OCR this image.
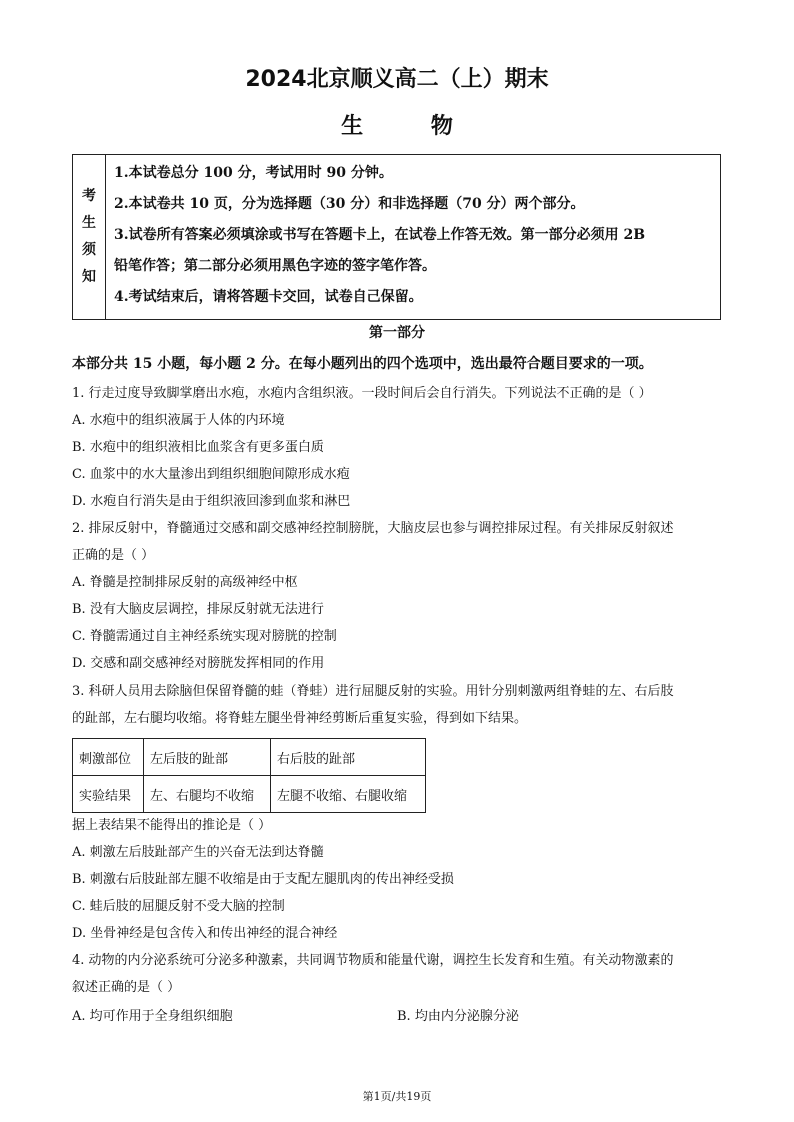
2024北京顺义高二（上）期末
生 物
考
生
须
知
1.本试卷总分 100 分，考试用时 90 分钟。
2.本试卷共 10 页，分为选择题（30 分）和非选择题（70 分）两个部分。
3.试卷所有答案必须填涂或书写在答题卡上，在试卷上作答无效。第一部分必须用 2B
铅笔作答；第二部分必须用黑色字迹的签字笔作答。
4.考试结束后，请将答题卡交回，试卷自己保留。
第一部分
本部分共 15 小题，每小题 2 分。在每小题列出的四个选项中，选出最符合题目要求的一项。
1. 行走过度导致脚掌磨出水疱，水疱内含组织液。一段时间后会自行消失。下列说法不正确的是（ ）
A. 水疱中的组织液属于人体的内环境
B. 水疱中的组织液相比血浆含有更多蛋白质
C. 血浆中的水大量渗出到组织细胞间隙形成水疱
D. 水疱自行消失是由于组织液回渗到血浆和淋巴
2. 排尿反射中，脊髓通过交感和副交感神经控制膀胱，大脑皮层也参与调控排尿过程。有关排尿反射叙述
正确的是（ ）
A. 脊髓是控制排尿反射的高级神经中枢
B. 没有大脑皮层调控，排尿反射就无法进行
C. 脊髓需通过自主神经系统实现对膀胱的控制
D. 交感和副交感神经对膀胱发挥相同的作用
3. 科研人员用去除脑但保留脊髓的蛙（脊蛙）进行屈腿反射的实验。用针分别刺激两组脊蛙的左、右后肢
的趾部，左右腿均收缩。将脊蛙左腿坐骨神经剪断后重复实验，得到如下结果。
刺激部位	左后肢的趾部	右后肢的趾部
实验结果	左、右腿均不收缩	左腿不收缩、右腿收缩
据上表结果不能得出的推论是（ ）
A. 刺激左后肢趾部产生的兴奋无法到达脊髓
B. 刺激右后肢趾部左腿不收缩是由于支配左腿肌肉的传出神经受损
C. 蛙后肢的屈腿反射不受大脑的控制
D. 坐骨神经是包含传入和传出神经的混合神经
4. 动物的内分泌系统可分泌多种激素，共同调节物质和能量代谢，调控生长发育和生殖。有关动物激素的
叙述正确的是（ ）
A. 均可作用于全身组织细胞	B. 均由内分泌腺分泌
第1页/共19页
